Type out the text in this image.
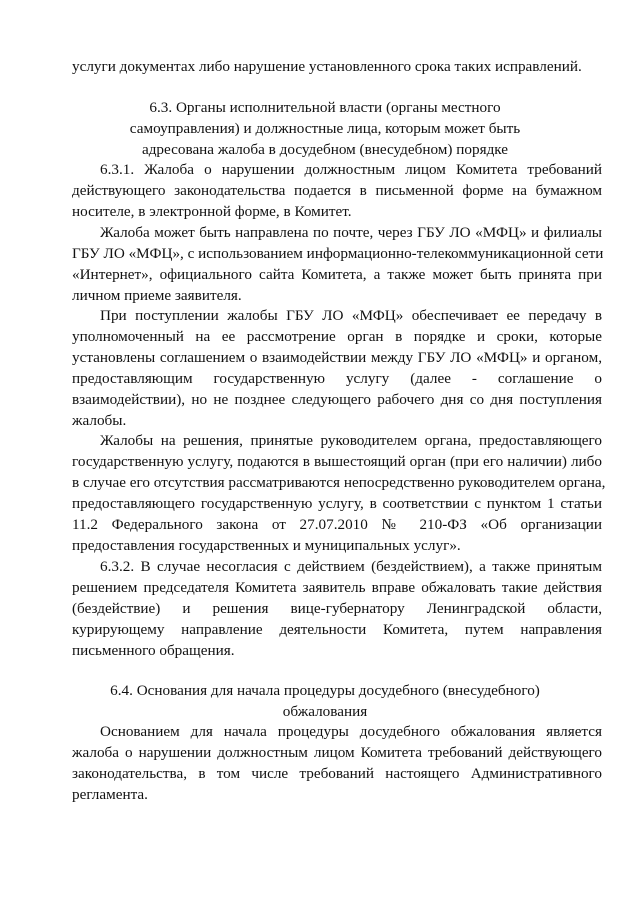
услуги документах либо нарушение установленного срока таких исправлений.
6.3. Органы исполнительной власти (органы местного
самоуправления) и должностные лица, которым может быть
адресована жалоба в досудебном (внесудебном) порядке
6.3.1. Жалоба о нарушении должностным лицом Комитета требований
действующего законодательства подается в письменной форме на бумажном
носителе, в электронной форме, в Комитет.
Жалоба может быть направлена по почте, через ГБУ ЛО «МФЦ» и филиалы
ГБУ ЛО «МФЦ», с использованием информационно-телекоммуникационной сети
«Интернет», официального сайта Комитета, а также может быть принята при
личном приеме заявителя.
При поступлении жалобы ГБУ ЛО «МФЦ» обеспечивает ее передачу в
уполномоченный на ее рассмотрение орган в порядке и сроки, которые
установлены соглашением о взаимодействии между ГБУ ЛО «МФЦ» и органом,
предоставляющим государственную услугу (далее - соглашение о
взаимодействии), но не позднее следующего рабочего дня со дня поступления
жалобы.
Жалобы на решения, принятые руководителем органа, предоставляющего
государственную услугу, подаются в вышестоящий орган (при его наличии) либо
в случае его отсутствия рассматриваются непосредственно руководителем органа,
предоставляющего государственную услугу, в соответствии с пунктом 1 статьи
11.2 Федерального закона от 27.07.2010 № 210-ФЗ «Об организации
предоставления государственных и муниципальных услуг».
6.3.2. В случае несогласия с действием (бездействием), а также принятым
решением председателя Комитета заявитель вправе обжаловать такие действия
(бездействие) и решения вице-губернатору Ленинградской области,
курирующему направление деятельности Комитета, путем направления
письменного обращения.
6.4. Основания для начала процедуры досудебного (внесудебного)
обжалования
Основанием для начала процедуры досудебного обжалования является
жалоба о нарушении должностным лицом Комитета требований действующего
законодательства, в том числе требований настоящего Административного
регламента.
